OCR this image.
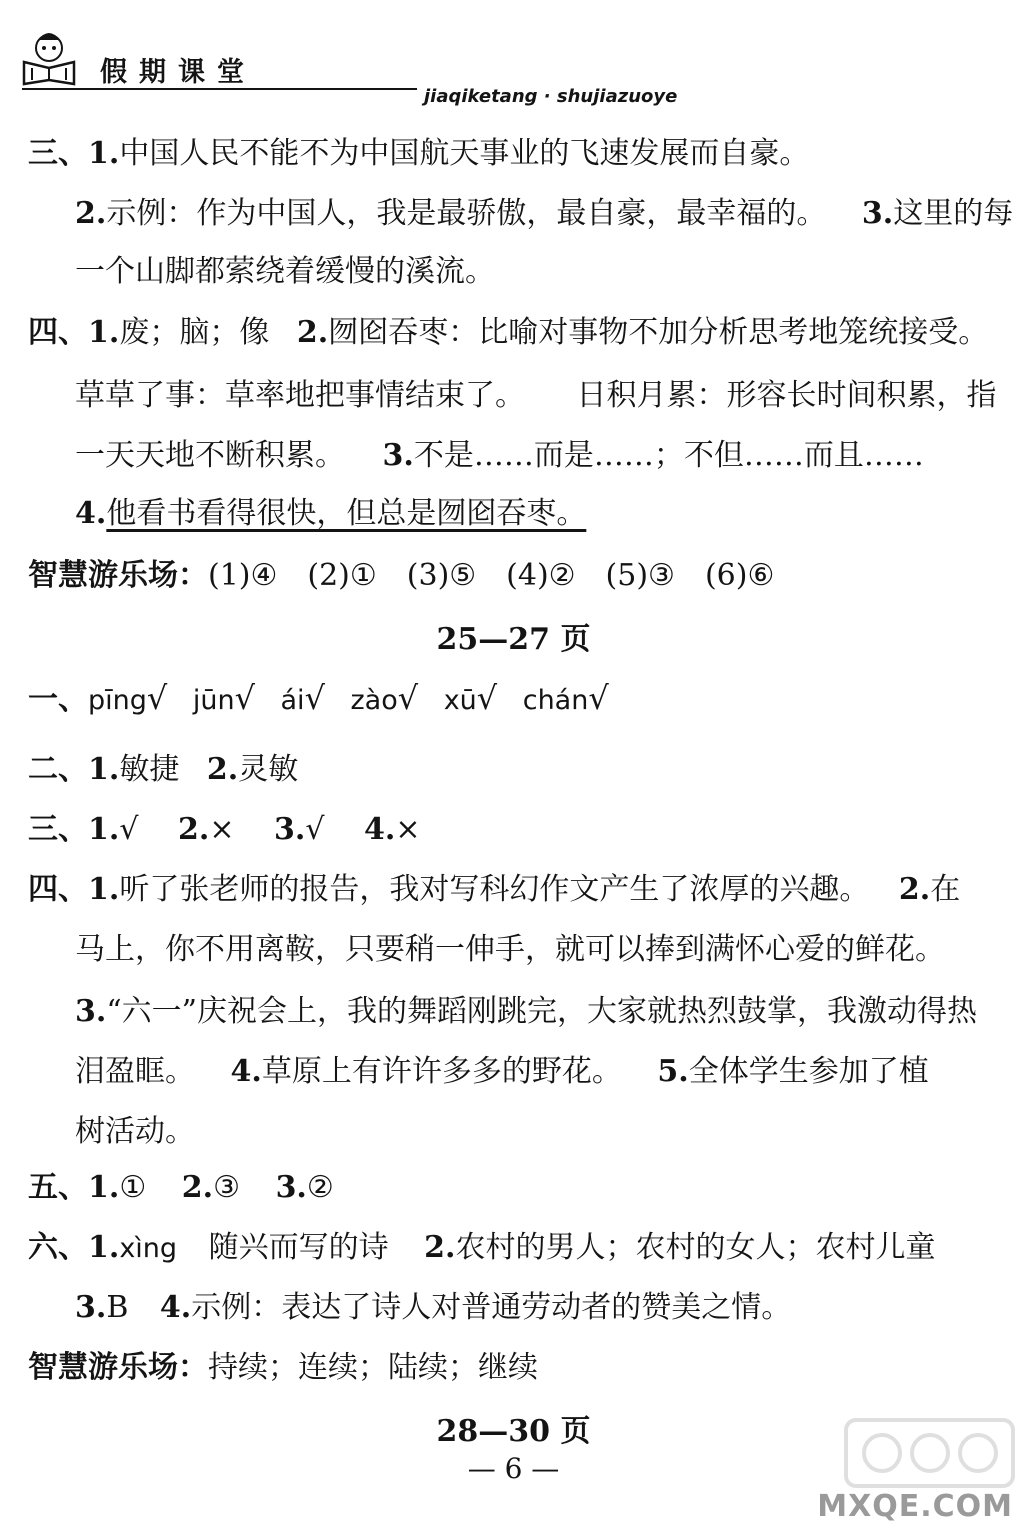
假期课堂
jiaqiketang · shujiazuoye
三、1.中国人民不能不为中国航天事业的飞速发展而自豪。
2.示例：作为中国人，我是最骄傲，最自豪，最幸福的。 3.这里的每
一个山脚都萦绕着缓慢的溪流。
四、1.废；脑；像 2.囫囵吞枣：比喻对事物不加分析思考地笼统接受。
草草了事：草率地把事情结束了。 日积月累：形容长时间积累，指
一天天地不断积累。 3.不是……而是……；不但……而且……
4.他看书看得很快，但总是囫囵吞枣。
智慧游乐场：(1)④　(2)①　(3)⑤　(4)②　(5)③　(6)⑥
25—27 页
一、pīng√ jūn√ ái√ zào√ xū√ chán√
二、1.敏捷 2.灵敏
三、1.√ 2.× 3.√ 4.×
四、1.听了张老师的报告，我对写科幻作文产生了浓厚的兴趣。 2.在
马上，你不用离鞍，只要稍一伸手，就可以捧到满怀心爱的鲜花。
3.“六一”庆祝会上，我的舞蹈刚跳完，大家就热烈鼓掌，我激动得热
泪盈眶。 4.草原上有许许多多的野花。 5.全体学生参加了植
树活动。
五、1.① 2.③ 3.②
六、1.xìng 随兴而写的诗 2.农村的男人；农村的女人；农村儿童
3.B 4.示例：表达了诗人对普通劳动者的赞美之情。
智慧游乐场：持续；连续；陆续；继续
28—30 页
— 6 —
MXQE.COM
